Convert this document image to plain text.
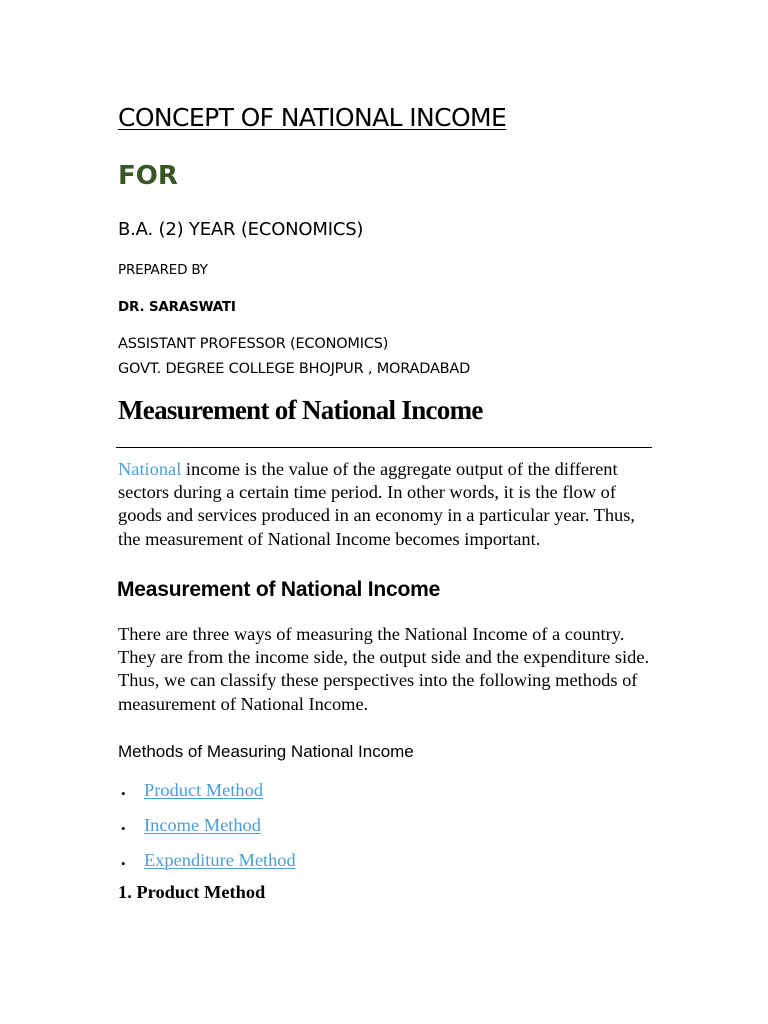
CONCEPT OF NATIONAL INCOME
FOR
B.A. (2) YEAR (ECONOMICS)
PREPARED BY
DR. SARASWATI
ASSISTANT PROFESSOR (ECONOMICS)
GOVT. DEGREE COLLEGE BHOJPUR , MORADABAD
Measurement of National Income

National income is the value of the aggregate output of the different sectors during a certain time period. In other words, it is the flow of goods and services produced in an economy in a particular year. Thus, the measurement of National Income becomes important.

Measurement of National Income

There are three ways of measuring the National Income of a country. They are from the income side, the output side and the expenditure side. Thus, we can classify these perspectives into the following methods of measurement of National Income.

Methods of Measuring National Income
• Product Method
• Income Method
• Expenditure Method
1. Product Method
